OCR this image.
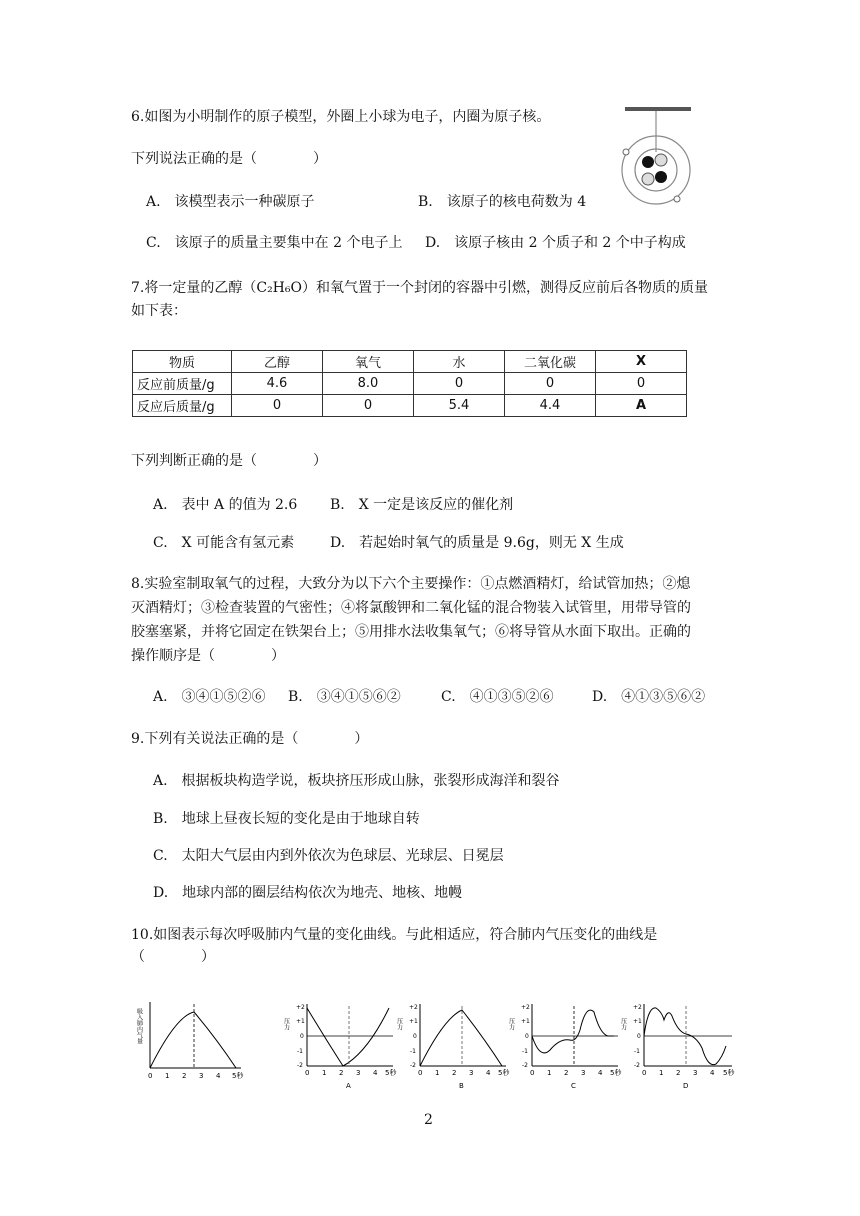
6.如图为小明制作的原子模型，外圈上小球为电子，内圈为原子核。
下列说法正确的是（　　　　）
A.　该模型表示一种碳原子	B.　该原子的核电荷数为 4
C.　该原子的质量主要集中在 2 个电子上 D.　该原子核由 2 个质子和 2 个中子构成
7.将一定量的乙醇（C₂H₆O）和氧气置于一个封闭的容器中引燃，测得反应前后各物质的质量
如下表：
物质	乙醇	氧气	水	二氧化碳	X
反应前质量/g	4.6	8.0	0	0	0
反应后质量/g	0	0	5.4	4.4	A
下列判断正确的是（　　　　）
A.　表中 A 的值为 2.6 B.　X 一定是该反应的催化剂
C.　X 可能含有氢元素	D.　若起始时氧气的质量是 9.6g，则无 X 生成
8.实验室制取氧气的过程，大致分为以下六个主要操作：①点燃酒精灯，给试管加热；②熄
灭酒精灯；③检查装置的气密性；④将氯酸钾和二氧化锰的混合物装入试管里，用带导管的
胶塞塞紧，并将它固定在铁架台上；⑤用排水法收集氧气；⑥将导管从水面下取出。正确的
操作顺序是（　　　　）
A.　③④①⑤②⑥ B.　③④①⑤⑥②	C.　④①③⑤②⑥	D.　④①③⑤⑥②
9.下列有关说法正确的是（　　　　）
A.　根据板块构造学说，板块挤压形成山脉，张裂形成海洋和裂谷
B.　地球上昼夜长短的变化是由于地球自转
C.　太阳大气层由内到外依次为色球层、光球层、日冕层
D.　地球内部的圈层结构依次为地壳、地核、地幔
10.如图表示每次呼吸肺内气量的变化曲线。与此相适应，符合肺内气压变化的曲线是
（　　　　）
吸入肺内气量
0 1 2 3 4 5秒
压力
+2
+1
0
-1
-2
0 1 2 3 4 5秒
A
压力
+2
+1
0
-1
-2
0 1 2 3 4 5秒
B
压力
+2
+1
0
-1
-2
0 1 2 3 4 5秒
C
压力
+2
+1
0
-1
-2
0 1 2 3 4 5秒
D
2
